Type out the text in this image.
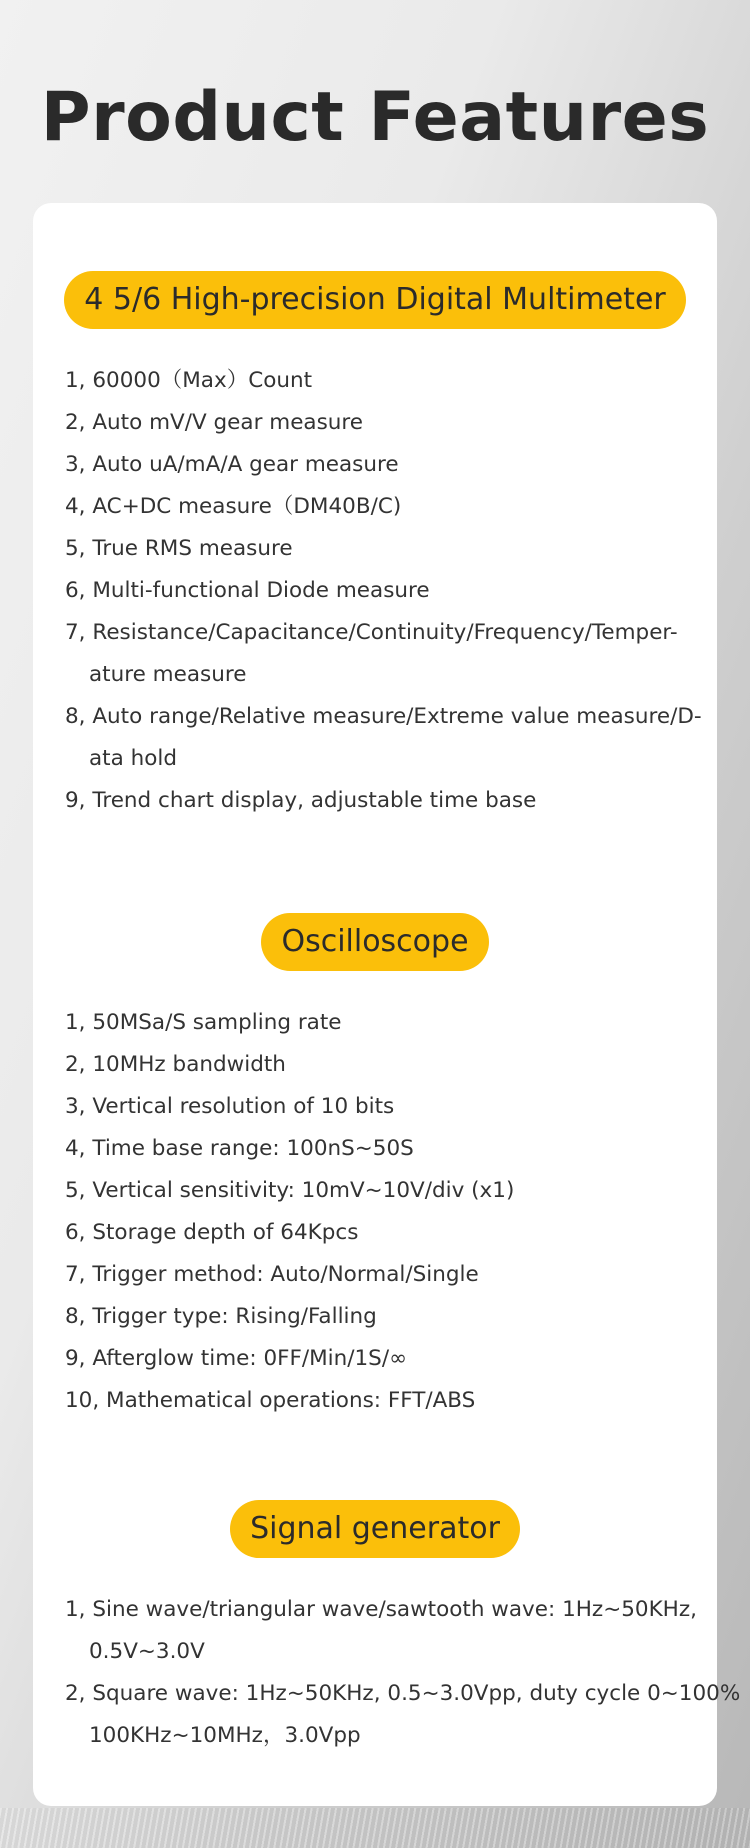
Product Features
4 5/6 High-precision Digital Multimeter
1, 60000（Max）Count
2, Auto mV/V gear measure
3, Auto uA/mA/A gear measure
4, AC+DC measure（DM40B/C)
5, True RMS measure
6, Multi-functional Diode measure
7, Resistance/Capacitance/Continuity/Frequency/Temper-
ature measure
8, Auto range/Relative measure/Extreme value measure/D-
ata hold
9, Trend chart display, adjustable time base
Oscilloscope
1, 50MSa/S sampling rate
2, 10MHz bandwidth
3, Vertical resolution of 10 bits
4, Time base range: 100nS~50S
5, Vertical sensitivity: 10mV~10V/div (x1)
6, Storage depth of 64Kpcs
7, Trigger method: Auto/Normal/Single
8, Trigger type: Rising/Falling
9, Afterglow time: 0FF/Min/1S/∞
10, Mathematical operations: FFT/ABS
Signal generator
1, Sine wave/triangular wave/sawtooth wave: 1Hz~50KHz,
0.5V~3.0V
2, Square wave: 1Hz~50KHz, 0.5~3.0Vpp, duty cycle 0~100%
100KHz~10MHz，3.0Vpp
